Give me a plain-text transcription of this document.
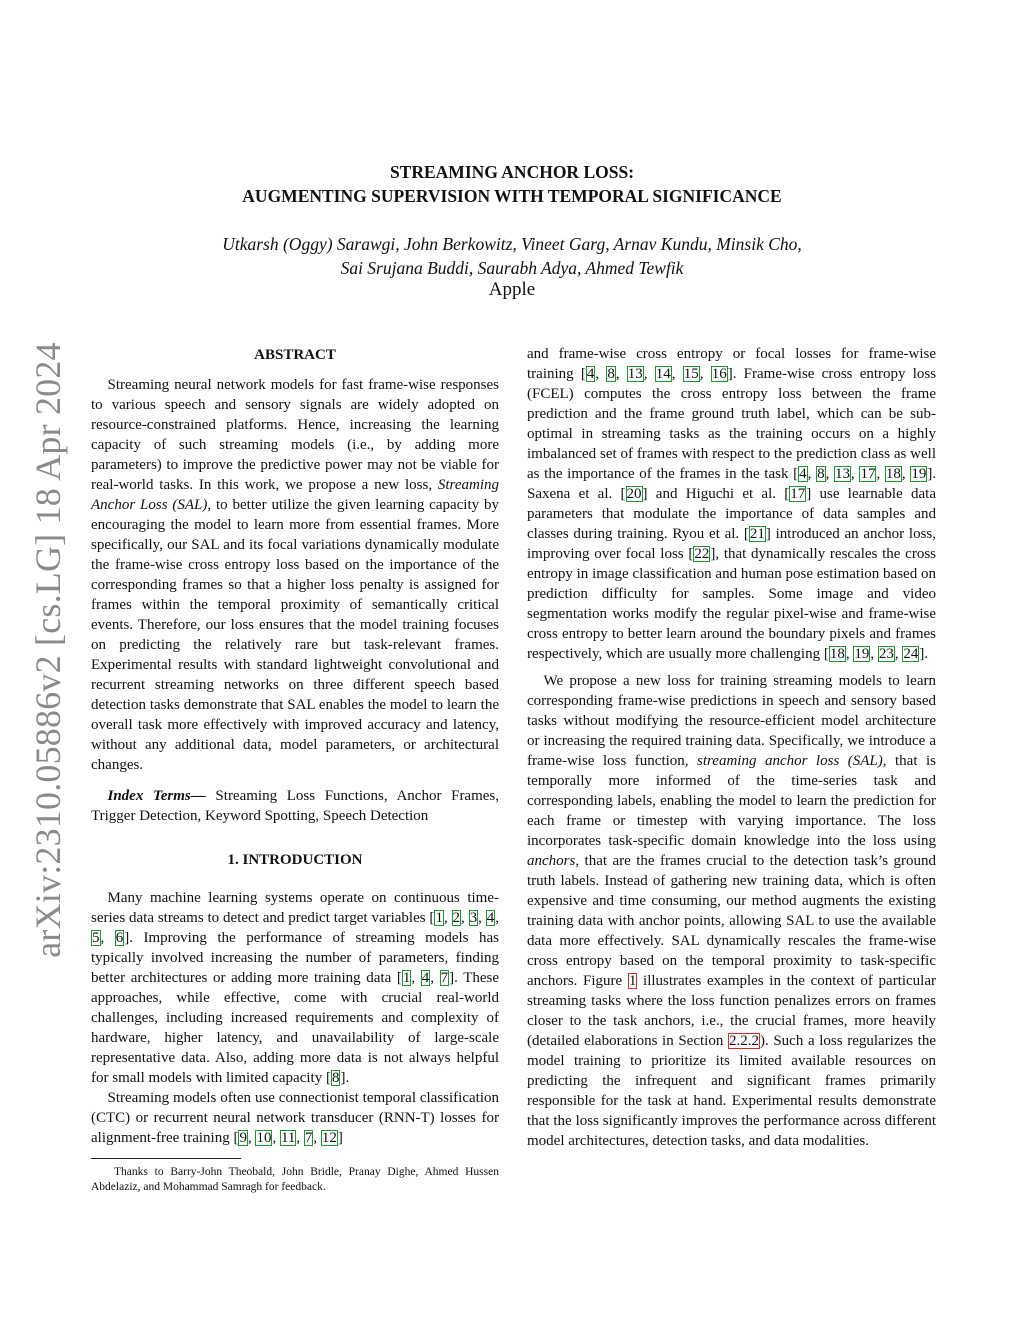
arXiv:2310.05886v2 [cs.LG] 18 Apr 2024
STREAMING ANCHOR LOSS:
AUGMENTING SUPERVISION WITH TEMPORAL SIGNIFICANCE
Utkarsh (Oggy) Sarawgi, John Berkowitz, Vineet Garg, Arnav Kundu, Minsik Cho,
Sai Srujana Buddi, Saurabh Adya, Ahmed Tewfik
Apple
ABSTRACT

Streaming neural network models for fast frame-wise responses to various speech and sensory signals are widely adopted on resource-constrained platforms. Hence, increasing the learning capacity of such streaming models (i.e., by adding more parameters) to improve the predictive power may not be viable for real-world tasks. In this work, we propose a new loss, Streaming Anchor Loss (SAL), to better utilize the given learning capacity by encouraging the model to learn more from essential frames. More specifically, our SAL and its focal variations dynamically modulate the frame-wise cross entropy loss based on the importance of the corresponding frames so that a higher loss penalty is assigned for frames within the temporal proximity of semantically critical events. Therefore, our loss ensures that the model training focuses on predicting the relatively rare but task-relevant frames. Experimental results with standard lightweight convolutional and recurrent streaming networks on three different speech based detection tasks demonstrate that SAL enables the model to learn the overall task more effectively with improved accuracy and latency, without any additional data, model parameters, or architectural changes.

Index Terms— Streaming Loss Functions, Anchor Frames, Trigger Detection, Keyword Spotting, Speech Detection

1. INTRODUCTION

Many machine learning systems operate on continuous time-series data streams to detect and predict target variables [1, 2, 3, 4, 5, 6]. Improving the performance of streaming models has typically involved increasing the number of parameters, finding better architectures or adding more training data [1, 4, 7]. These approaches, while effective, come with crucial real-world challenges, including increased requirements and complexity of hardware, higher latency, and unavailability of large-scale representative data. Also, adding more data is not always helpful for small models with limited capacity [8].

Streaming models often use connectionist temporal classification (CTC) or recurrent neural network transducer (RNN-T) losses for alignment-free training [9, 10, 11, 7, 12]

Thanks to Barry-John Theobald, John Bridle, Pranay Dighe, Ahmed Hussen Abdelaziz, and Mohammad Samragh for feedback.

and frame-wise cross entropy or focal losses for frame-wise training [4, 8, 13, 14, 15, 16]. Frame-wise cross entropy loss (FCEL) computes the cross entropy loss between the frame prediction and the frame ground truth label, which can be sub-optimal in streaming tasks as the training occurs on a highly imbalanced set of frames with respect to the prediction class as well as the importance of the frames in the task [4, 8, 13, 17, 18, 19]. Saxena et al. [20] and Higuchi et al. [17] use learnable data parameters that modulate the importance of data samples and classes during training. Ryou et al. [21] introduced an anchor loss, improving over focal loss [22], that dynamically rescales the cross entropy in image classification and human pose estimation based on prediction difficulty for samples. Some image and video segmentation works modify the regular pixel-wise and frame-wise cross entropy to better learn around the boundary pixels and frames respectively, which are usually more challenging [18, 19, 23, 24].

We propose a new loss for training streaming models to learn corresponding frame-wise predictions in speech and sensory based tasks without modifying the resource-efficient model architecture or increasing the required training data. Specifically, we introduce a frame-wise loss function, streaming anchor loss (SAL), that is temporally more informed of the time-series task and corresponding labels, enabling the model to learn the prediction for each frame or timestep with varying importance. The loss incorporates task-specific domain knowledge into the loss using anchors, that are the frames crucial to the detection task’s ground truth labels. Instead of gathering new training data, which is often expensive and time consuming, our method augments the existing training data with anchor points, allowing SAL to use the available data more effectively. SAL dynamically rescales the frame-wise cross entropy based on the temporal proximity to task-specific anchors. Figure 1 illustrates examples in the context of particular streaming tasks where the loss function penalizes errors on frames closer to the task anchors, i.e., the crucial frames, more heavily (detailed elaborations in Section 2.2.2). Such a loss regularizes the model training to prioritize its limited available resources on predicting the infrequent and significant frames primarily responsible for the task at hand. Experimental results demonstrate that the loss significantly improves the performance across different model architectures, detection tasks, and data modalities.
